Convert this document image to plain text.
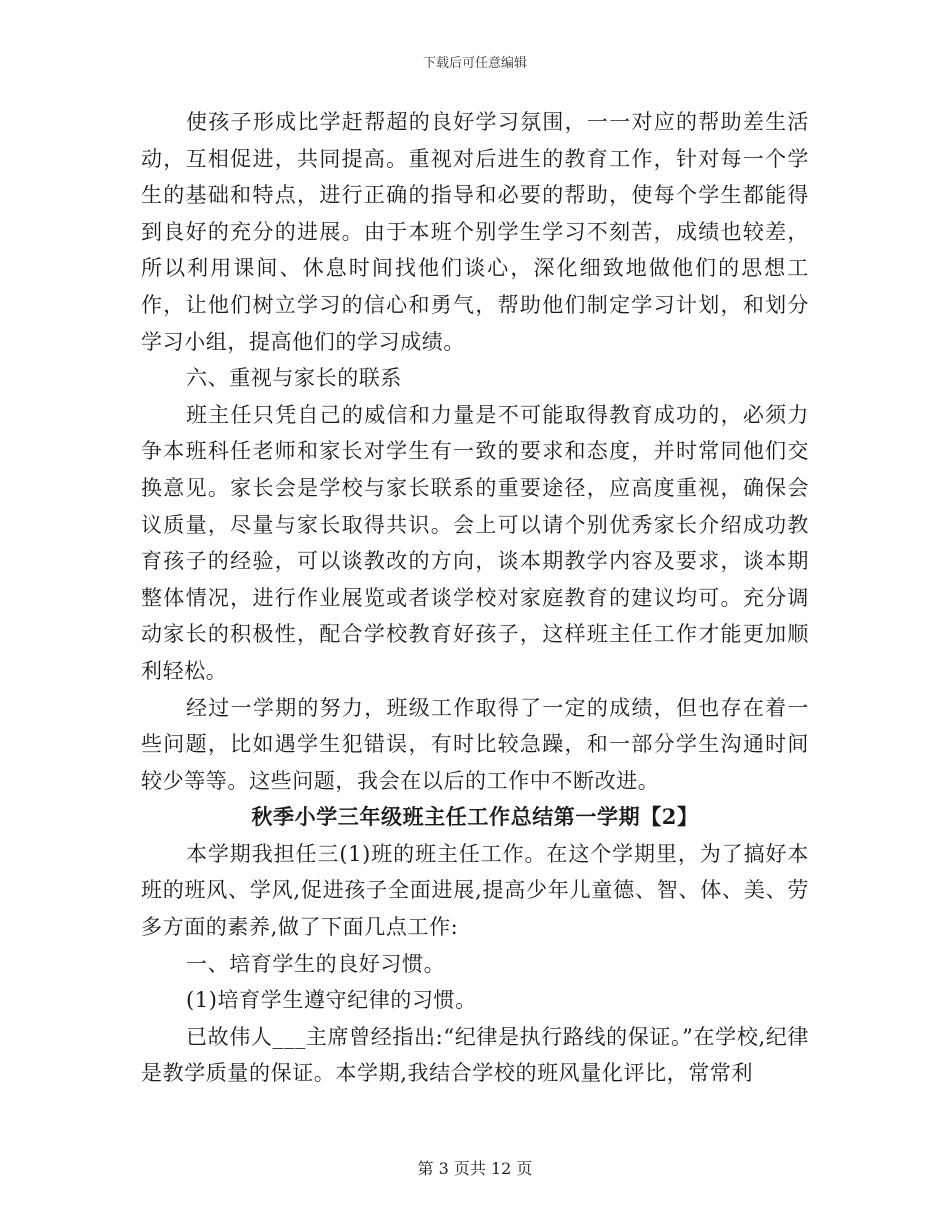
下载后可任意编辑

使孩子形成比学赶帮超的良好学习氛围，一一对应的帮助差生活动，互相促进，共同提高。重视对后进生的教育工作，针对每一个学生的基础和特点，进行正确的指导和必要的帮助，使每个学生都能得到良好的充分的进展。由于本班个别学生学习不刻苦，成绩也较差，所以利用课间、休息时间找他们谈心，深化细致地做他们的思想工作，让他们树立学习的信心和勇气，帮助他们制定学习计划，和划分学习小组，提高他们的学习成绩。

六、重视与家长的联系

班主任只凭自己的威信和力量是不可能取得教育成功的，必须力争本班科任老师和家长对学生有一致的要求和态度，并时常同他们交换意见。家长会是学校与家长联系的重要途径，应高度重视，确保会议质量，尽量与家长取得共识。会上可以请个别优秀家长介绍成功教育孩子的经验，可以谈教改的方向，谈本期教学内容及要求，谈本期整体情况，进行作业展览或者谈学校对家庭教育的建议均可。充分调动家长的积极性，配合学校教育好孩子，这样班主任工作才能更加顺利轻松。

经过一学期的努力，班级工作取得了一定的成绩，但也存在着一些问题，比如遇学生犯错误，有时比较急躁，和一部分学生沟通时间较少等等。这些问题，我会在以后的工作中不断改进。

秋季小学三年级班主任工作总结第一学期【2】

本学期我担任三(1)班的班主任工作。在这个学期里，为了搞好本班的班风、学风,促进孩子全面进展,提高少年儿童德、智、体、美、劳多方面的素养,做了下面几点工作:

一、培育学生的良好习惯。

(1)培育学生遵守纪律的习惯。

已故伟人___主席曾经指出:“纪律是执行路线的保证。”在学校,纪律是教学质量的保证。本学期,我结合学校的班风量化评比，常常利

第 3 页共 12 页
